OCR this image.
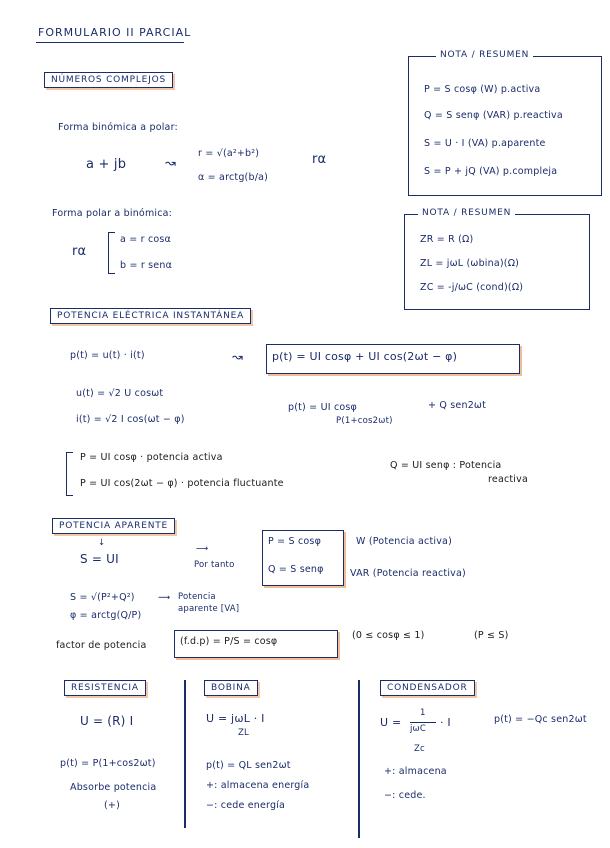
FORMULARIO II PARCIAL
NÚMEROS COMPLEJOS
Forma binómica a polar:
a + jb	↝
r = √(a²+b²)
α = arctg(b/a)
rα
Forma polar a binómica:
rα
a = r cosα
b = r senα
NOTA / RESUMEN
P = S cosφ (W) p.activa
Q = S senφ (VAR) p.reactiva
S = U · I (VA) p.aparente
S = P + jQ (VA) p.compleja
NOTA / RESUMEN
ZR = R (Ω)
ZL = jωL (ωbina)(Ω)
ZC = -j/ωC (cond)(Ω)
POTENCIA ELÉCTRICA INSTANTÁNEA
p(t) = u(t) · i(t)	↝	p(t) = UI cosφ + UI cos(2ωt − φ)
u(t) = √2 U cosωt
i(t) = √2 I cos(ωt − φ)
p(t) = UI cosφ
P(1+cos2ωt)
+ Q sen2ωt
P = UI cosφ · potencia activa
P = UI cos(2ωt − φ) · potencia fluctuante
Q = UI senφ : Potencia
reactiva
POTENCIA APARENTE
↓
S = UI
⟶
Por tanto
P = S cosφ
Q = S senφ
W (Potencia activa)
VAR (Potencia reactiva)
S = √(P²+Q²)	⟿ Potencia
aparente [VA]
φ = arctg(Q/P)
factor de potencia	(f.d.p) = P/S = cosφ
(0 ≤ cosφ ≤ 1)	(P ≤ S)
RESISTENCIA
U = (R) I
p(t) = P(1+cos2ωt)
Absorbe potencia
(+)
BOBINA
U = jωL · I
ZL
p(t) = QL sen2ωt
+: almacena energía
−: cede energía
CONDENSADOR
U =
1
jωC · I
Zc
p(t) = −Qc sen2ωt
+: almacena
−: cede.
